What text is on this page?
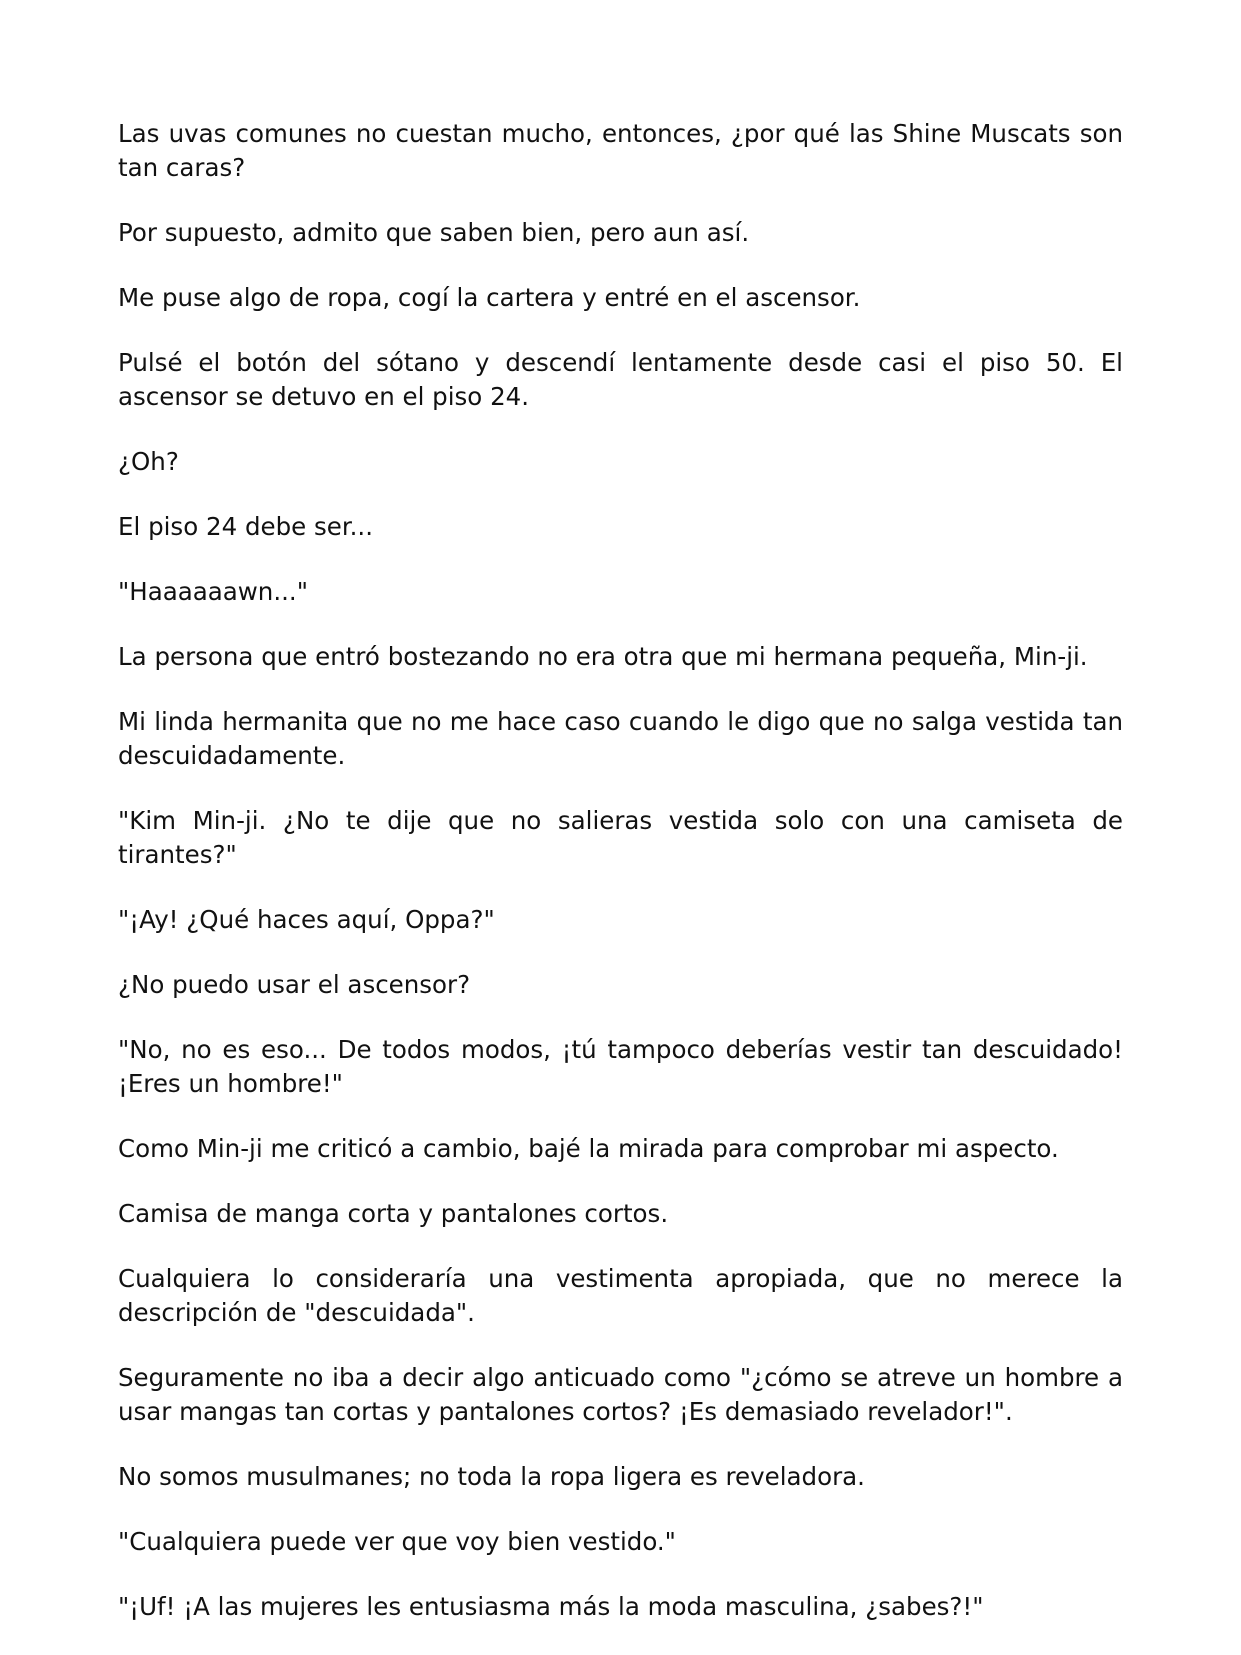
Las uvas comunes no cuestan mucho, entonces, ¿por qué las Shine Muscats son tan caras?

Por supuesto, admito que saben bien, pero aun así.

Me puse algo de ropa, cogí la cartera y entré en el ascensor.

Pulsé el botón del sótano y descendí lentamente desde casi el piso 50. El ascensor se detuvo en el piso 24.

¿Oh?

El piso 24 debe ser...

"Haaaaaawn..."

La persona que entró bostezando no era otra que mi hermana pequeña, Min-ji.

Mi linda hermanita que no me hace caso cuando le digo que no salga vestida tan descuidadamente.

"Kim Min-ji. ¿No te dije que no salieras vestida solo con una camiseta de tirantes?"

"¡Ay! ¿Qué haces aquí, Oppa?"

¿No puedo usar el ascensor?

"No, no es eso... De todos modos, ¡tú tampoco deberías vestir tan descuidado! ¡Eres un hombre!"

Como Min-ji me criticó a cambio, bajé la mirada para comprobar mi aspecto.

Camisa de manga corta y pantalones cortos.

Cualquiera lo consideraría una vestimenta apropiada, que no merece la descripción de "descuidada".

Seguramente no iba a decir algo anticuado como "¿cómo se atreve un hombre a usar mangas tan cortas y pantalones cortos? ¡Es demasiado revelador!".

No somos musulmanes; no toda la ropa ligera es reveladora.

"Cualquiera puede ver que voy bien vestido."

"¡Uf! ¡A las mujeres les entusiasma más la moda masculina, ¿sabes?!"
